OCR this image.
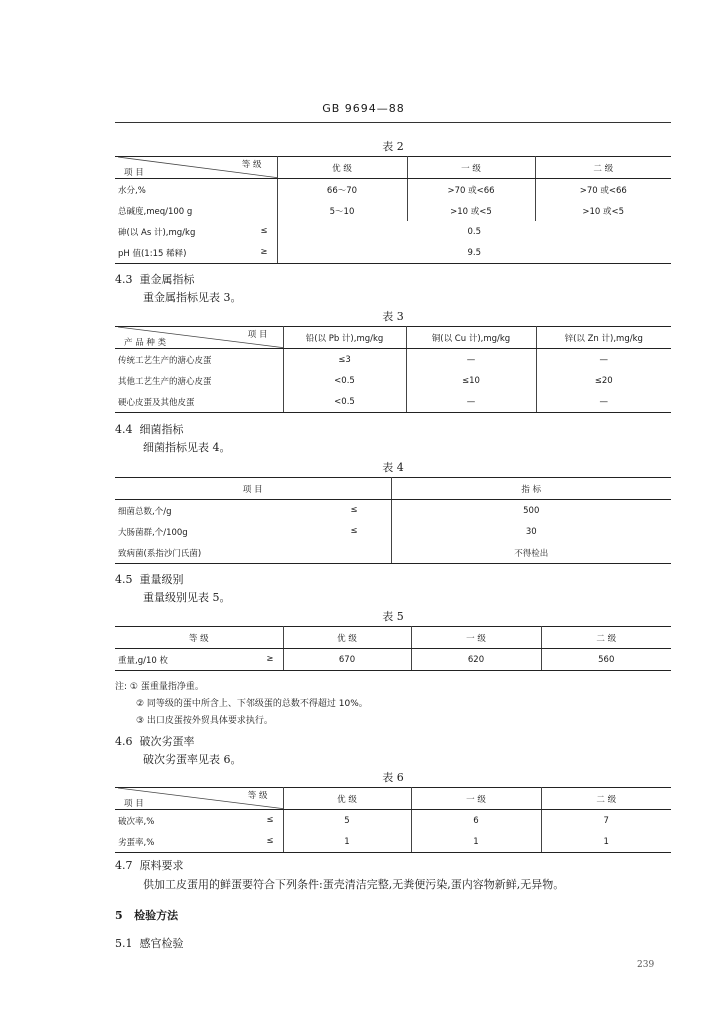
GB 9694—88
表 2
等 级
项 目	优 级	一 级	二 级
水分,%	66～70	>70 或<66	>70 或<66
总碱度,meq/100 g	5～10	>10 或<5	>10 或<5
砷(以 As 计),mg/kg ≤	0.5		
pH 值(1:15 稀释) ≥	9.5		
4.3 重金属指标
重金属指标见表 3。
表 3
项 目
产 品 种 类	铅(以 Pb 计),mg/kg	铜(以 Cu 计),mg/kg	锌(以 Zn 计),mg/kg
传统工艺生产的溏心皮蛋	≤3	—	—
其他工艺生产的溏心皮蛋	<0.5	≤10	≤20
硬心皮蛋及其他皮蛋	<0.5	—	—
4.4 细菌指标
细菌指标见表 4。
表 4
项 目	指 标
细菌总数,个/g ≤	500
大肠菌群,个/100g ≤	30
致病菌(系指沙门氏菌)	不得检出
4.5 重量级别
重量级别见表 5。
表 5
等 级	优 级	一 级	二 级
重量,g/10 枚 ≥	670	620	560
注: ① 蛋重量指净重。
② 同等级的蛋中所含上、下邻级蛋的总数不得超过 10%。
③ 出口皮蛋按外贸具体要求执行。
4.6 破次劣蛋率
破次劣蛋率见表 6。
表 6
等 级
项 目	优 级	一 级	二 级
破次率,% ≤	5	6	7
劣蛋率,% ≤	1	1	1
4.7 原料要求
供加工皮蛋用的鲜蛋要符合下列条件:蛋壳清洁完整,无粪便污染,蛋内容物新鲜,无异物。
5 检验方法
5.1 感官检验
239
